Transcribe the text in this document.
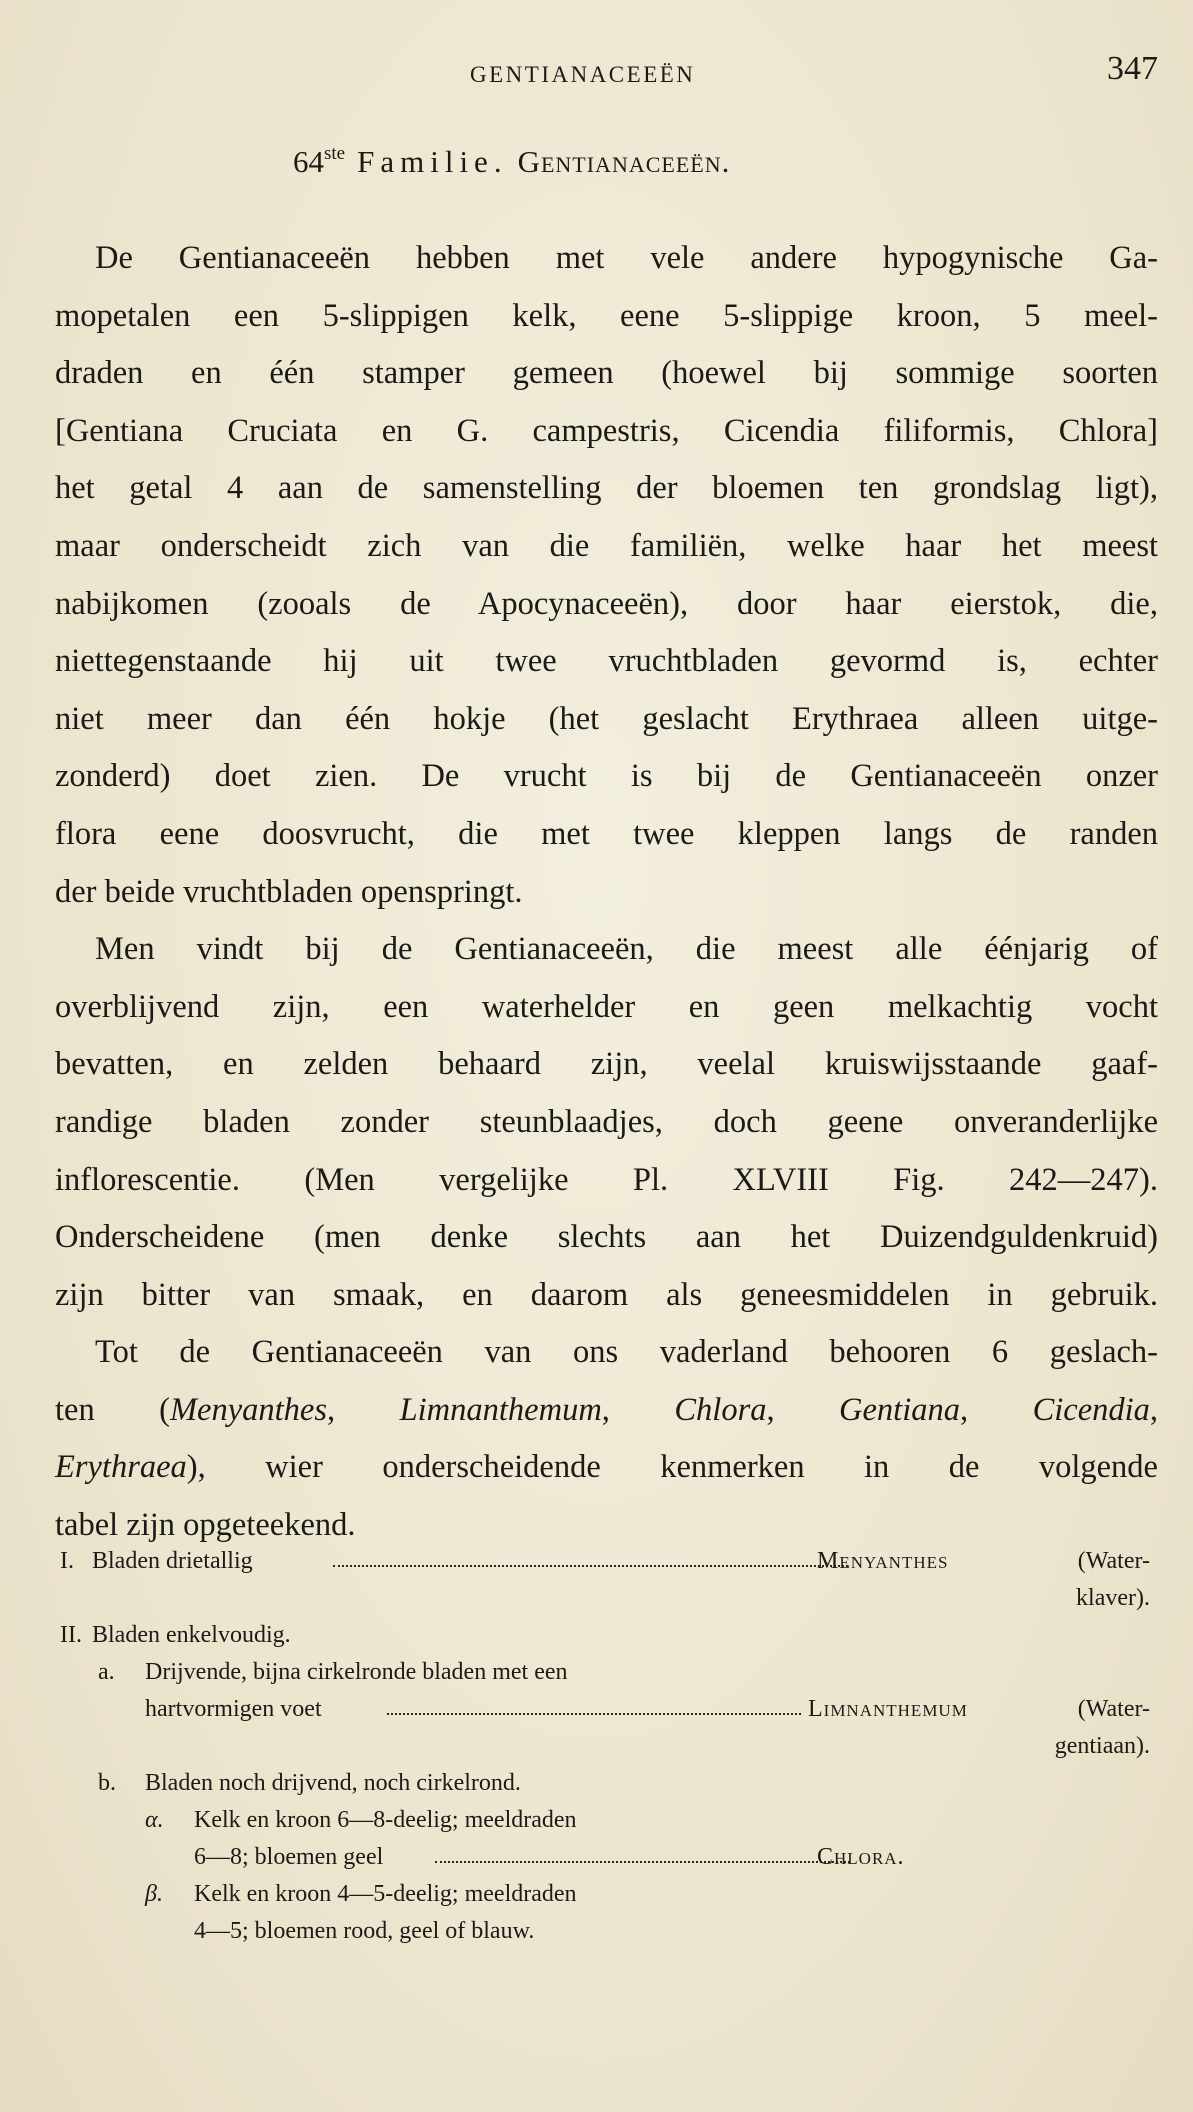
GENTIANACEEËN	347
64ste Familie. Gentianaceeën.
De Gentianaceeën hebben met vele andere hypogynische Ga-
mopetalen een 5-slippigen kelk, eene 5-slippige kroon, 5 meel-
draden en één stamper gemeen (hoewel bij sommige soorten
[Gentiana Cruciata en G. campestris, Cicendia filiformis, Chlora]
het getal 4 aan de samenstelling der bloemen ten grondslag ligt),
maar onderscheidt zich van die familiën, welke haar het meest
nabijkomen (zooals de Apocynaceeën), door haar eierstok, die,
niettegenstaande hij uit twee vruchtbladen gevormd is, echter
niet meer dan één hokje (het geslacht Erythraea alleen uitge-
zonderd) doet zien. De vrucht is bij de Gentianaceeën onzer
flora eene doosvrucht, die met twee kleppen langs de randen
der beide vruchtbladen openspringt.
Men vindt bij de Gentianaceeën, die meest alle éénjarig of
overblijvend zijn, een waterhelder en geen melkachtig vocht
bevatten, en zelden behaard zijn, veelal kruiswijsstaande gaaf-
randige bladen zonder steunblaadjes, doch geene onveranderlijke
inflorescentie. (Men vergelijke Pl. XLVIII Fig. 242—247).
Onderscheidene (men denke slechts aan het Duizendguldenkruid)
zijn bitter van smaak, en daarom als geneesmiddelen in gebruik.
Tot de Gentianaceeën van ons vaderland behooren 6 geslach-
ten (Menyanthes, Limnanthemum, Chlora, Gentiana, Cicendia,
Erythraea), wier onderscheidende kenmerken in de volgende
tabel zijn opgeteekend.
I. Bladen drietallig	Menyanthes	(Water-
klaver).
II. Bladen enkelvoudig.
a. Drijvende, bijna cirkelronde bladen met een
hartvormigen voet	Limnanthemum	(Water-
gentiaan).
b. Bladen noch drijvend, noch cirkelrond.
α. Kelk en kroon 6—8-deelig; meeldraden
6—8; bloemen geel	Chlora.
β. Kelk en kroon 4—5-deelig; meeldraden
4—5; bloemen rood, geel of blauw.
